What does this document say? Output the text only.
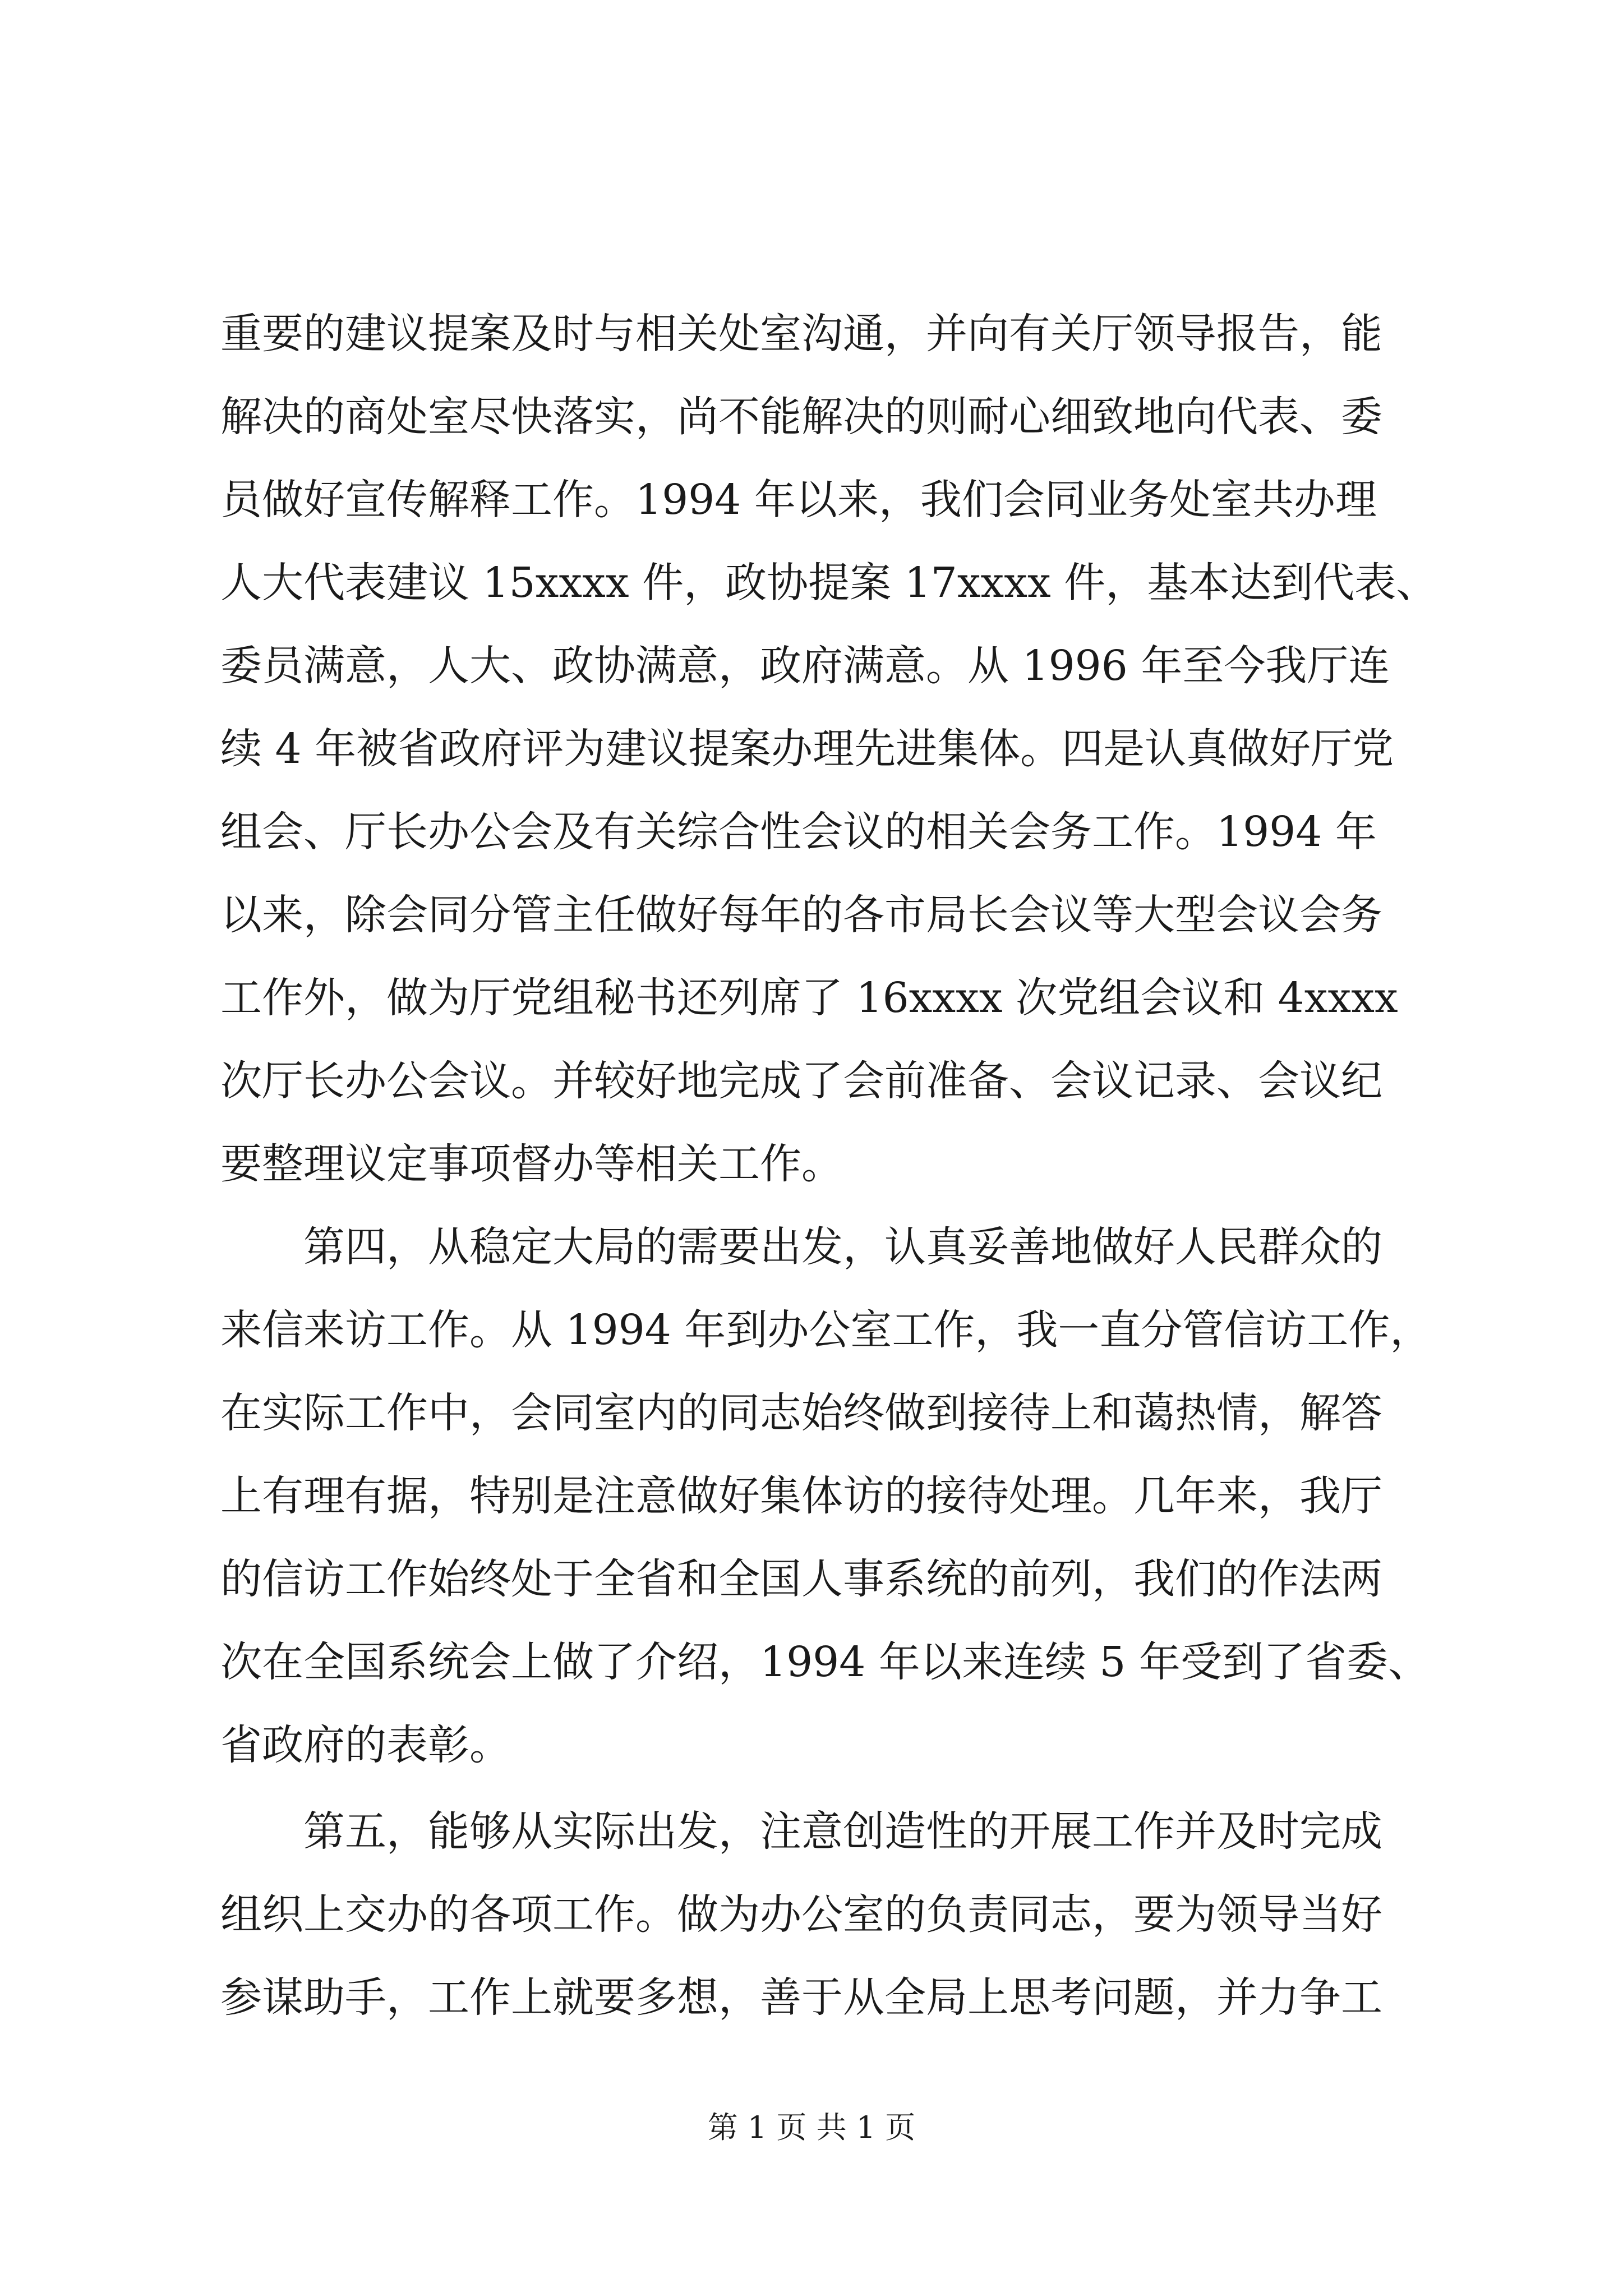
重要的建议提案及时与相关处室沟通，并向有关厅领导报告，能
解决的商处室尽快落实，尚不能解决的则耐心细致地向代表、委
员做好宣传解释工作。1994 年以来，我们会同业务处室共办理
人大代表建议 15xxxx 件，政协提案 17xxxx 件，基本达到代表、
委员满意，人大、政协满意，政府满意。从 1996 年至今我厅连
续 4 年被省政府评为建议提案办理先进集体。四是认真做好厅党
组会、厅长办公会及有关综合性会议的相关会务工作。1994 年
以来，除会同分管主任做好每年的各市局长会议等大型会议会务
工作外，做为厅党组秘书还列席了 16xxxx 次党组会议和 4xxxx
次厅长办公会议。并较好地完成了会前准备、会议记录、会议纪
要整理议定事项督办等相关工作。
第四，从稳定大局的需要出发，认真妥善地做好人民群众的
来信来访工作。从 1994 年到办公室工作，我一直分管信访工作，
在实际工作中，会同室内的同志始终做到接待上和蔼热情，解答
上有理有据，特别是注意做好集体访的接待处理。几年来，我厅
的信访工作始终处于全省和全国人事系统的前列，我们的作法两
次在全国系统会上做了介绍，1994 年以来连续 5 年受到了省委、
省政府的表彰。
第五，能够从实际出发，注意创造性的开展工作并及时完成
组织上交办的各项工作。做为办公室的负责同志，要为领导当好
参谋助手，工作上就要多想，善于从全局上思考问题，并力争工
第 1 页 共 1 页
